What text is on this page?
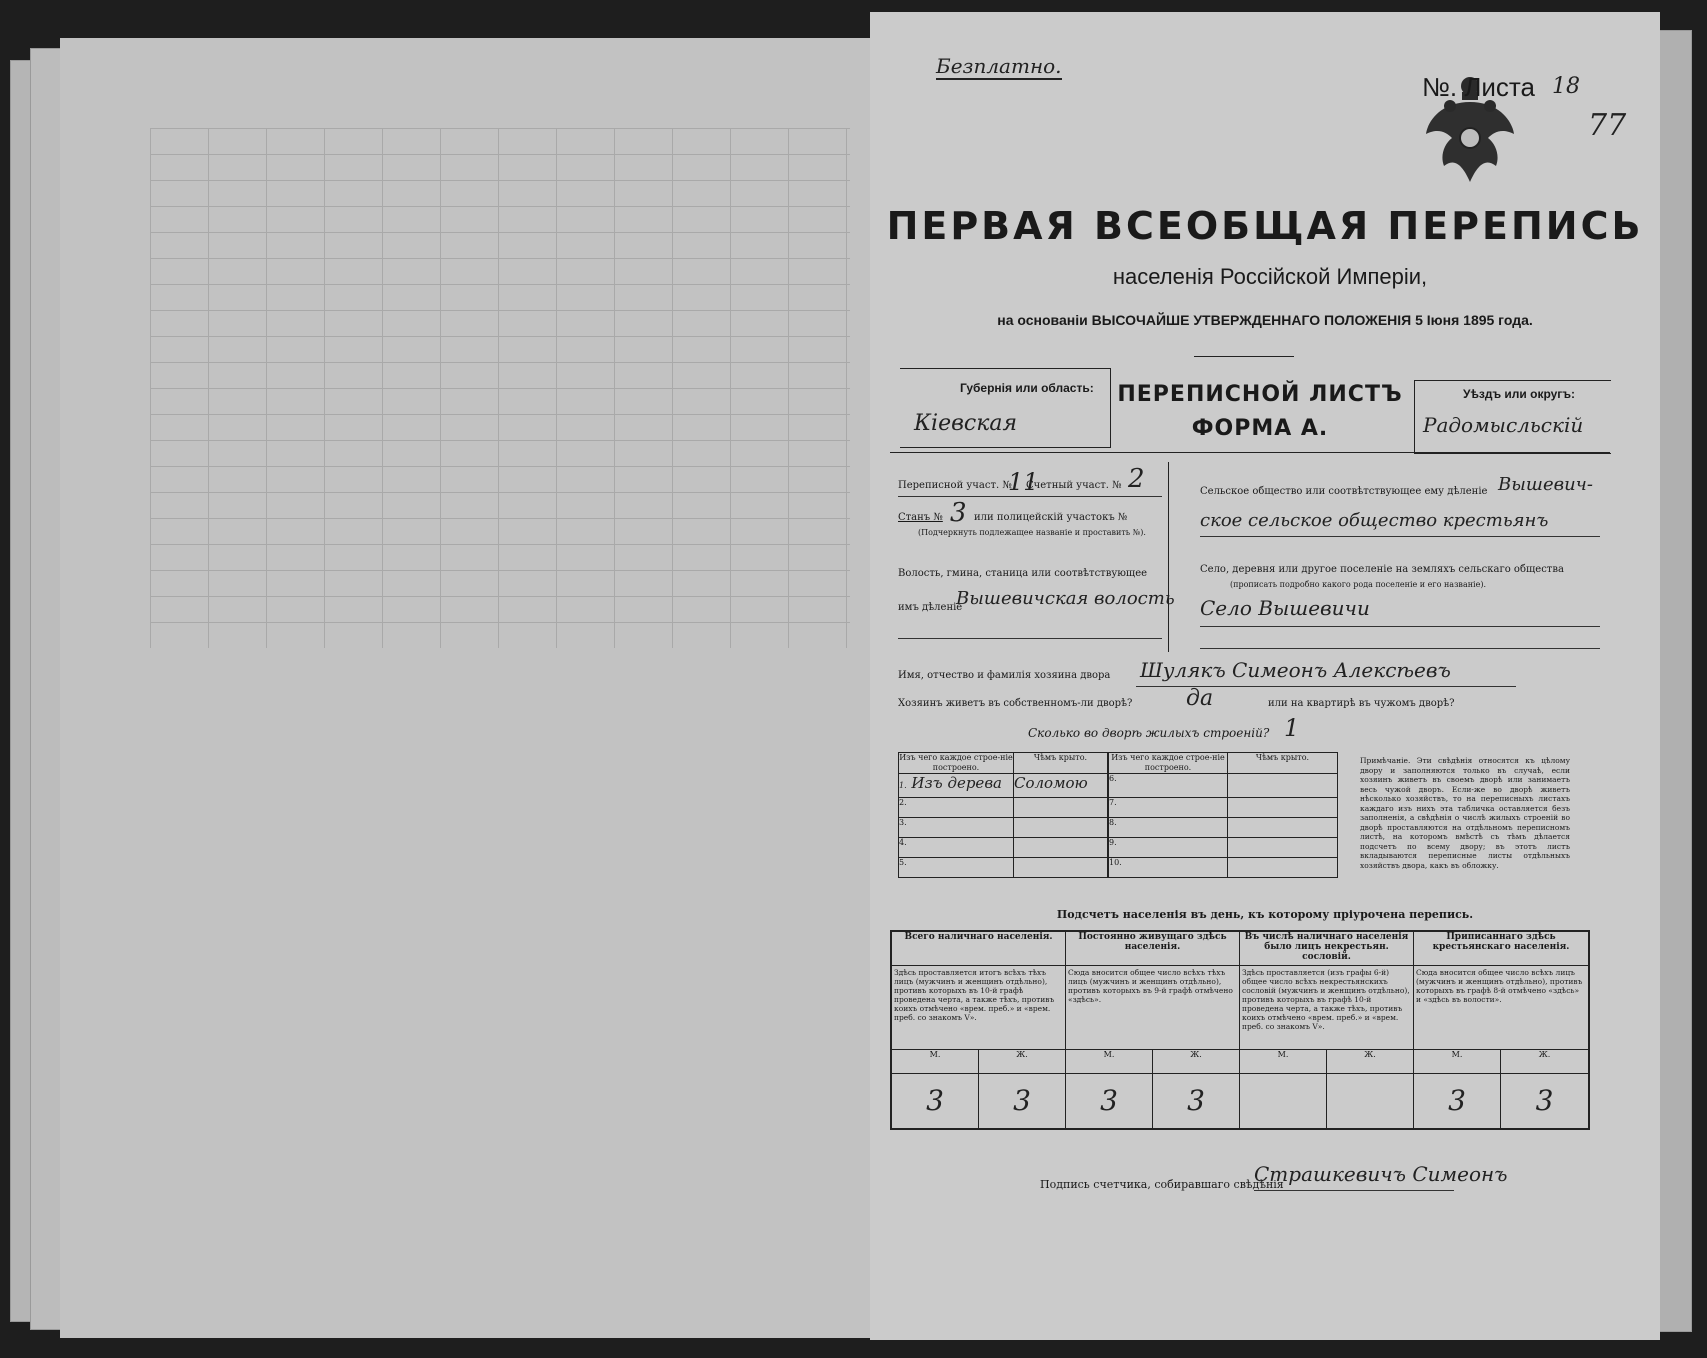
Безплатно.
№. Листа 18
77
ПЕРВАЯ ВСЕОБЩАЯ ПЕРЕПИСЬ
населенія Россійской Имперіи,
на основаніи ВЫСОЧАЙШЕ УТВЕРЖДЕННАГО ПОЛОЖЕНІЯ 5 Іюня 1895 года.
Губернія или область:
Кіевская
ПЕРЕПИСНОЙ ЛИСТЪ
ФОРМА А.
Уѣздъ или округъ:
Радомысльскій
Переписной участ. №
11
Счетный участ. № 2
Станъ № 3 или полицейскій участокъ №
(Подчеркнуть подлежащее названіе и проставить №).
Волость, гмина, станица или соотвѣтствующее
имъ дѣленіе
Вышевичская волость
Сельское общество или соотвѣтствующее ему дѣленіе Вышевич-
ское сельское общество крестьянъ
Село, деревня или другое поселеніе на земляхъ сельскаго общества
(прописать подробно какого рода поселеніе и его названіе).
Село Вышевичи
Имя, отчество и фамилія хозяина двора Шулякъ Симеонъ Алексѣевъ
Хозяинъ живетъ въ собственномъ-ли дворѣ? да	или на квартирѣ въ чужомъ дворѣ?
Сколько во дворѣ жилыхъ строеній? 1
Изъ чего каждое строе-ніе построено.	Чѣмъ крыто.
1. Изъ дерева	Соломою
2.	
3.	
4.	
5.	
Изъ чего каждое строе-ніе построено.	Чѣмъ крыто.
6.	
7.	
8.	
9.	
10.	
Примѣчаніе. Эти свѣдѣнія относятся къ цѣлому двору и заполняются только въ случаѣ, если хозяинъ живетъ въ своемъ дворѣ или занимаетъ весь чужой дворъ. Если-же во дворѣ живетъ нѣсколько хозяйствъ, то на переписныхъ листахъ каждаго изъ нихъ эта табличка оставляется безъ заполненія, а свѣдѣнія о числѣ жилыхъ строеній во дворѣ проставляются на отдѣльномъ переписномъ листѣ, на которомъ вмѣстѣ съ тѣмъ дѣлается подсчетъ по всему двору; въ этотъ листъ вкладываются переписные листы отдѣльныхъ хозяйствъ двора, какъ въ обложку.
Подсчетъ населенія въ день, къ которому пріурочена перепись.
Всего наличнаго населенія.		Постоянно живущаго здѣсь населенія.		Въ числѣ наличнаго населенія было лицъ некрестьян. сословій.		Приписаннаго здѣсь крестьянскаго населенія.	
Здѣсь проставляется итогъ всѣхъ тѣхъ лицъ (мужчинъ и женщинъ отдѣльно), противъ которыхъ въ 10-й графѣ проведена черта, а также тѣхъ, противъ коихъ отмѣчено «врем. преб.» и «врем. преб. со знакомъ V».		Сюда вносится общее число всѣхъ тѣхъ лицъ (мужчинъ и женщинъ отдѣльно), противъ которыхъ въ 9-й графѣ отмѣчено «здѣсь».		Здѣсь проставляется (изъ графы 6-й) общее число всѣхъ некрестьянскихъ сословій (мужчинъ и женщинъ отдѣльно), противъ которыхъ въ графѣ 10-й проведена черта, а также тѣхъ, противъ коихъ отмѣчено «врем. преб.» и «врем. преб. со знакомъ V».		Сюда вносится общее число всѣхъ лицъ (мужчинъ и женщинъ отдѣльно), противъ которыхъ въ графѣ 8-й отмѣчено «здѣсь» и «здѣсь въ волости».	
М.	Ж.	М.	Ж.	М.	Ж.	М.	Ж.
3	3	3	3			3	3
Подпись счетчика, собиравшаго свѣдѣнія
Страшкевичъ Симеонъ
